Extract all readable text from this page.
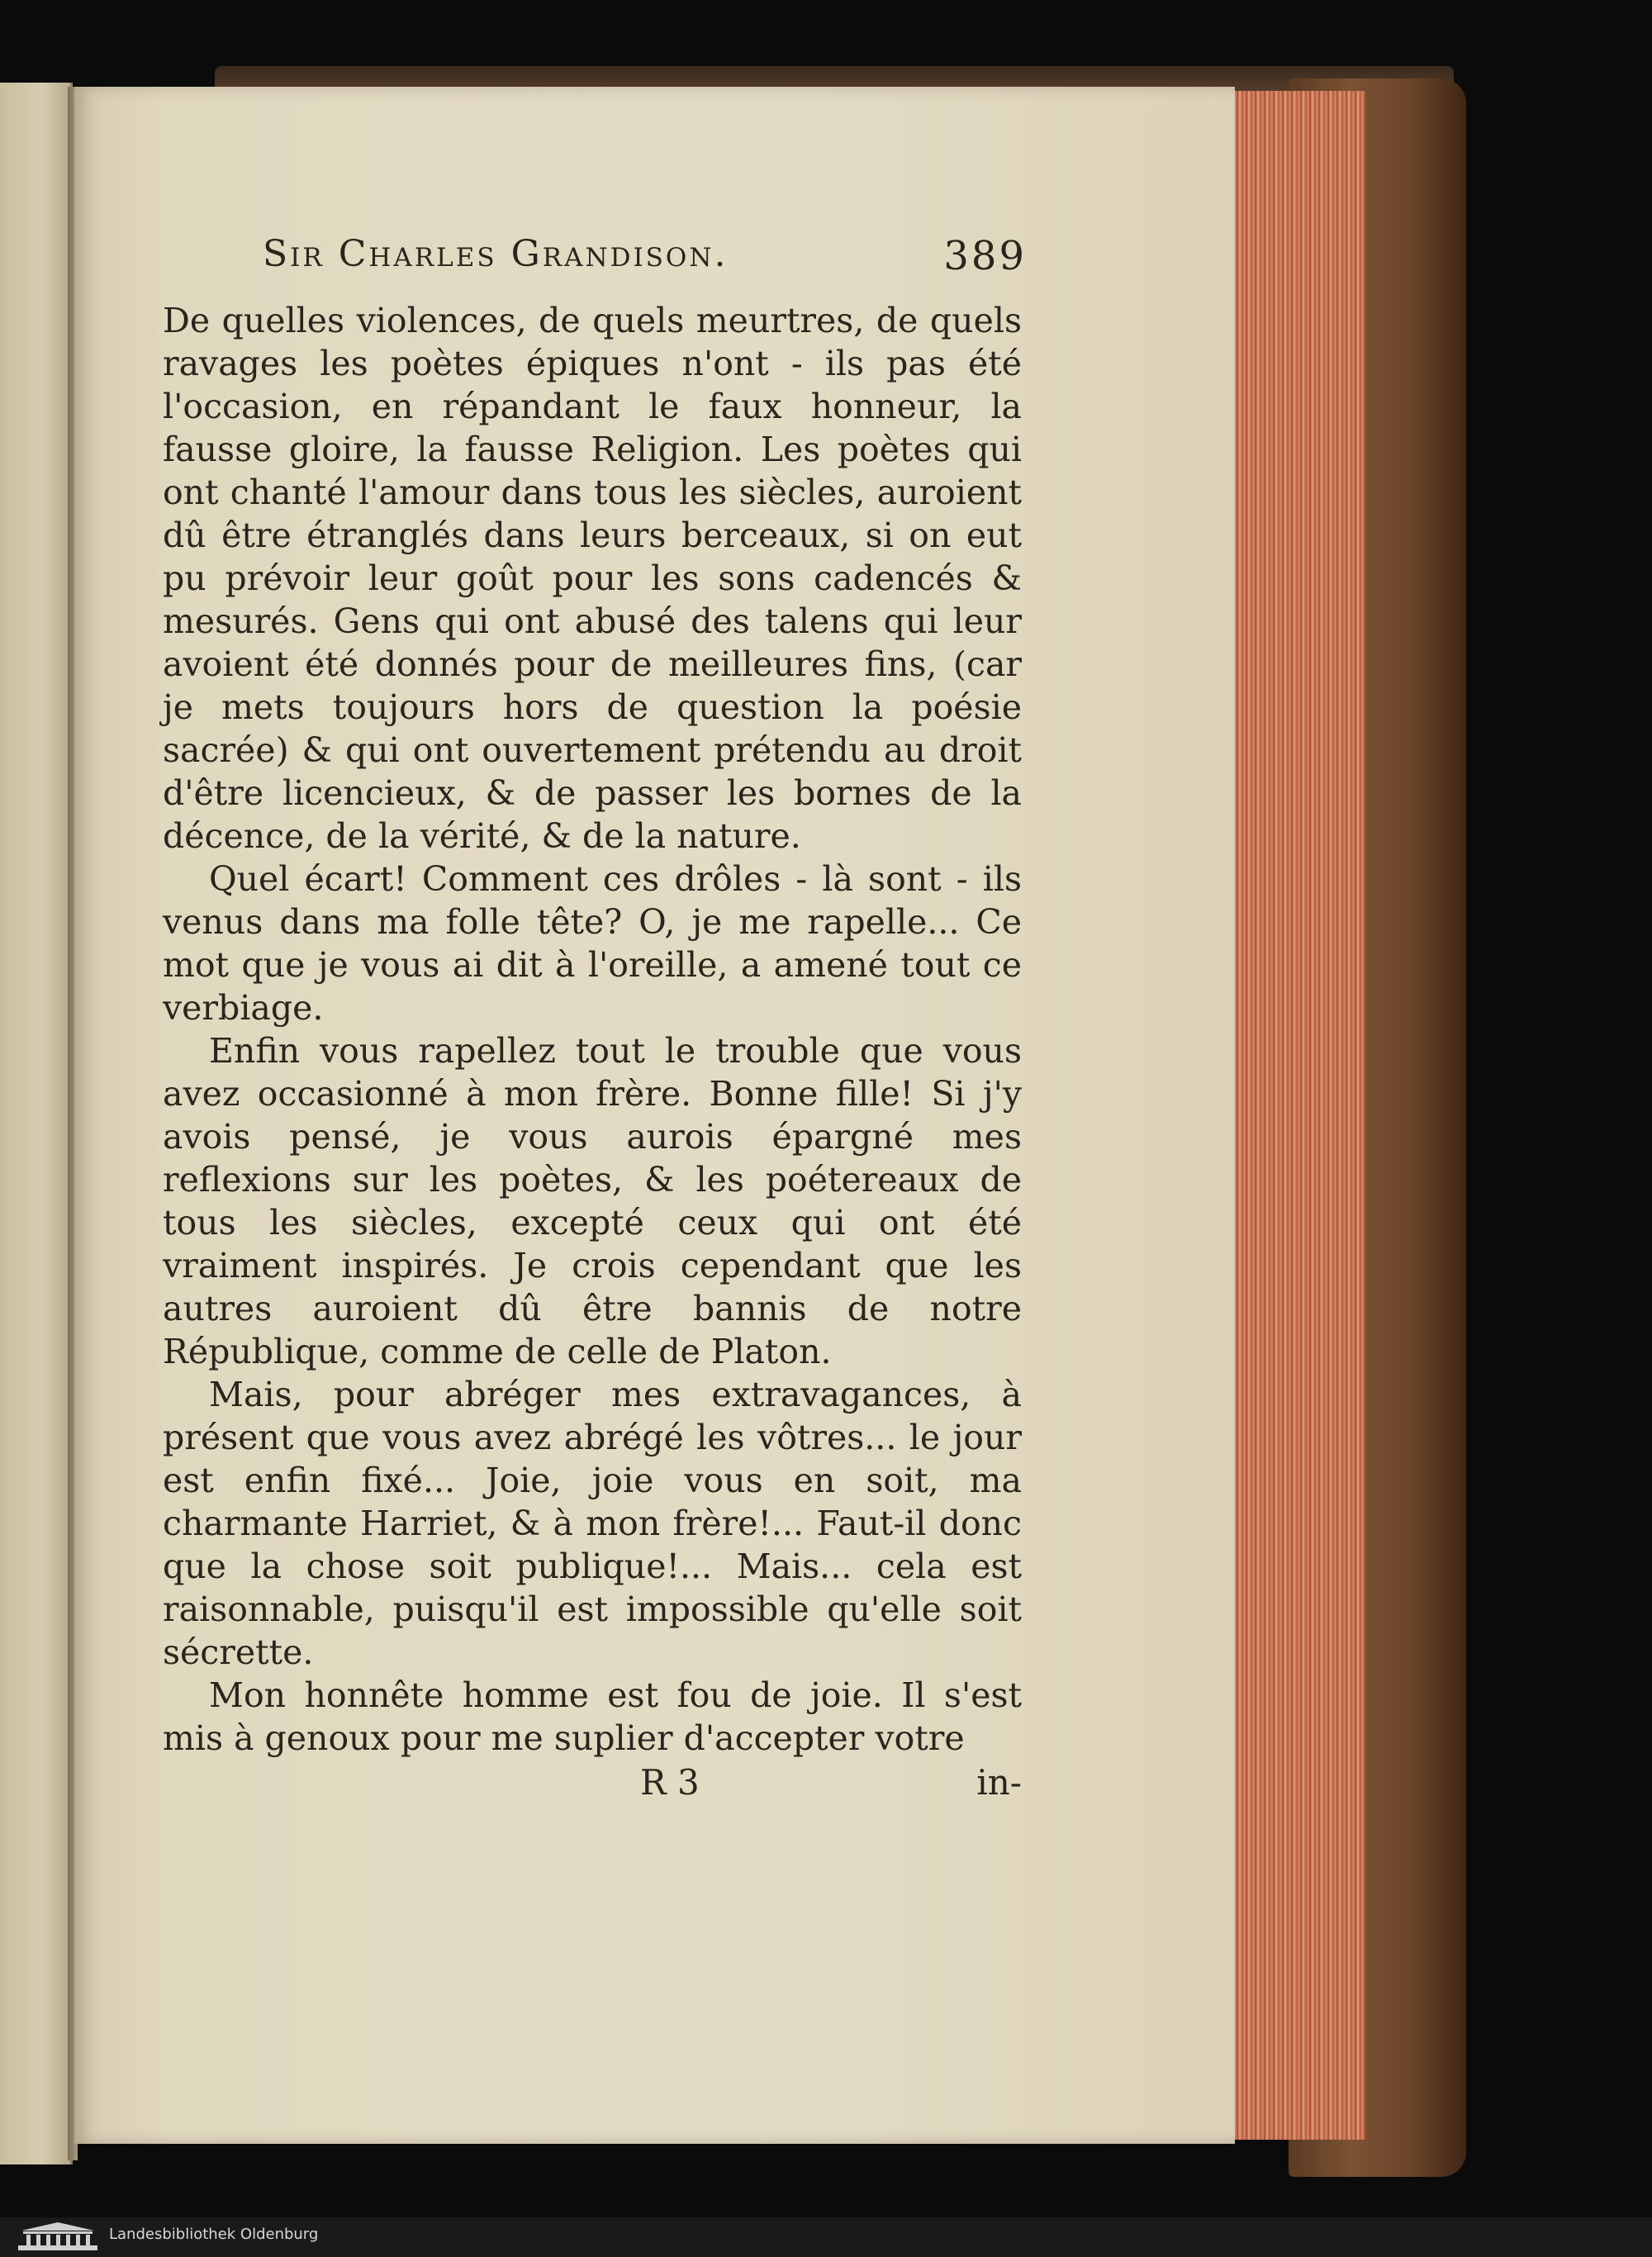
Sir Charles Grandison.	389

De quelles violences, de quels meurtres, de quels ravages les poètes épiques n'ont - ils pas été l'occasion, en répandant le faux honneur, la fausse gloire, la fausse Religion. Les poètes qui ont chanté l'amour dans tous les siècles, auroient dû être étranglés dans leurs berceaux, si on eut pu prévoir leur goût pour les sons cadencés & mesurés. Gens qui ont abusé des talens qui leur avoient été donnés pour de meilleures fins, (car je mets toujours hors de question la poésie sacrée) & qui ont ouvertement prétendu au droit d'être licencieux, & de passer les bornes de la décence, de la vérité, & de la nature.

Quel écart! Comment ces drôles - là sont - ils venus dans ma folle tête? O, je me rapelle... Ce mot que je vous ai dit à l'oreille, a amené tout ce verbiage.

Enfin vous rapellez tout le trouble que vous avez occasionné à mon frère. Bonne fille! Si j'y avois pensé, je vous aurois épargné mes reflexions sur les poètes, & les poétereaux de tous les siècles, excepté ceux qui ont été vraiment inspirés. Je crois cependant que les autres auroient dû être bannis de notre République, comme de celle de Platon.

Mais, pour abréger mes extravagances, à présent que vous avez abrégé les vôtres... le jour est enfin fixé... Joie, joie vous en soit, ma charmante Harriet, & à mon frère!... Faut-il donc que la chose soit publique!... Mais... cela est raisonnable, puisqu'il est impossible qu'elle soit sécrette.

Mon honnête homme est fou de joie. Il s'est mis à genoux pour me suplier d'accepter votre

R 3	in-
Landesbibliothek Oldenburg
